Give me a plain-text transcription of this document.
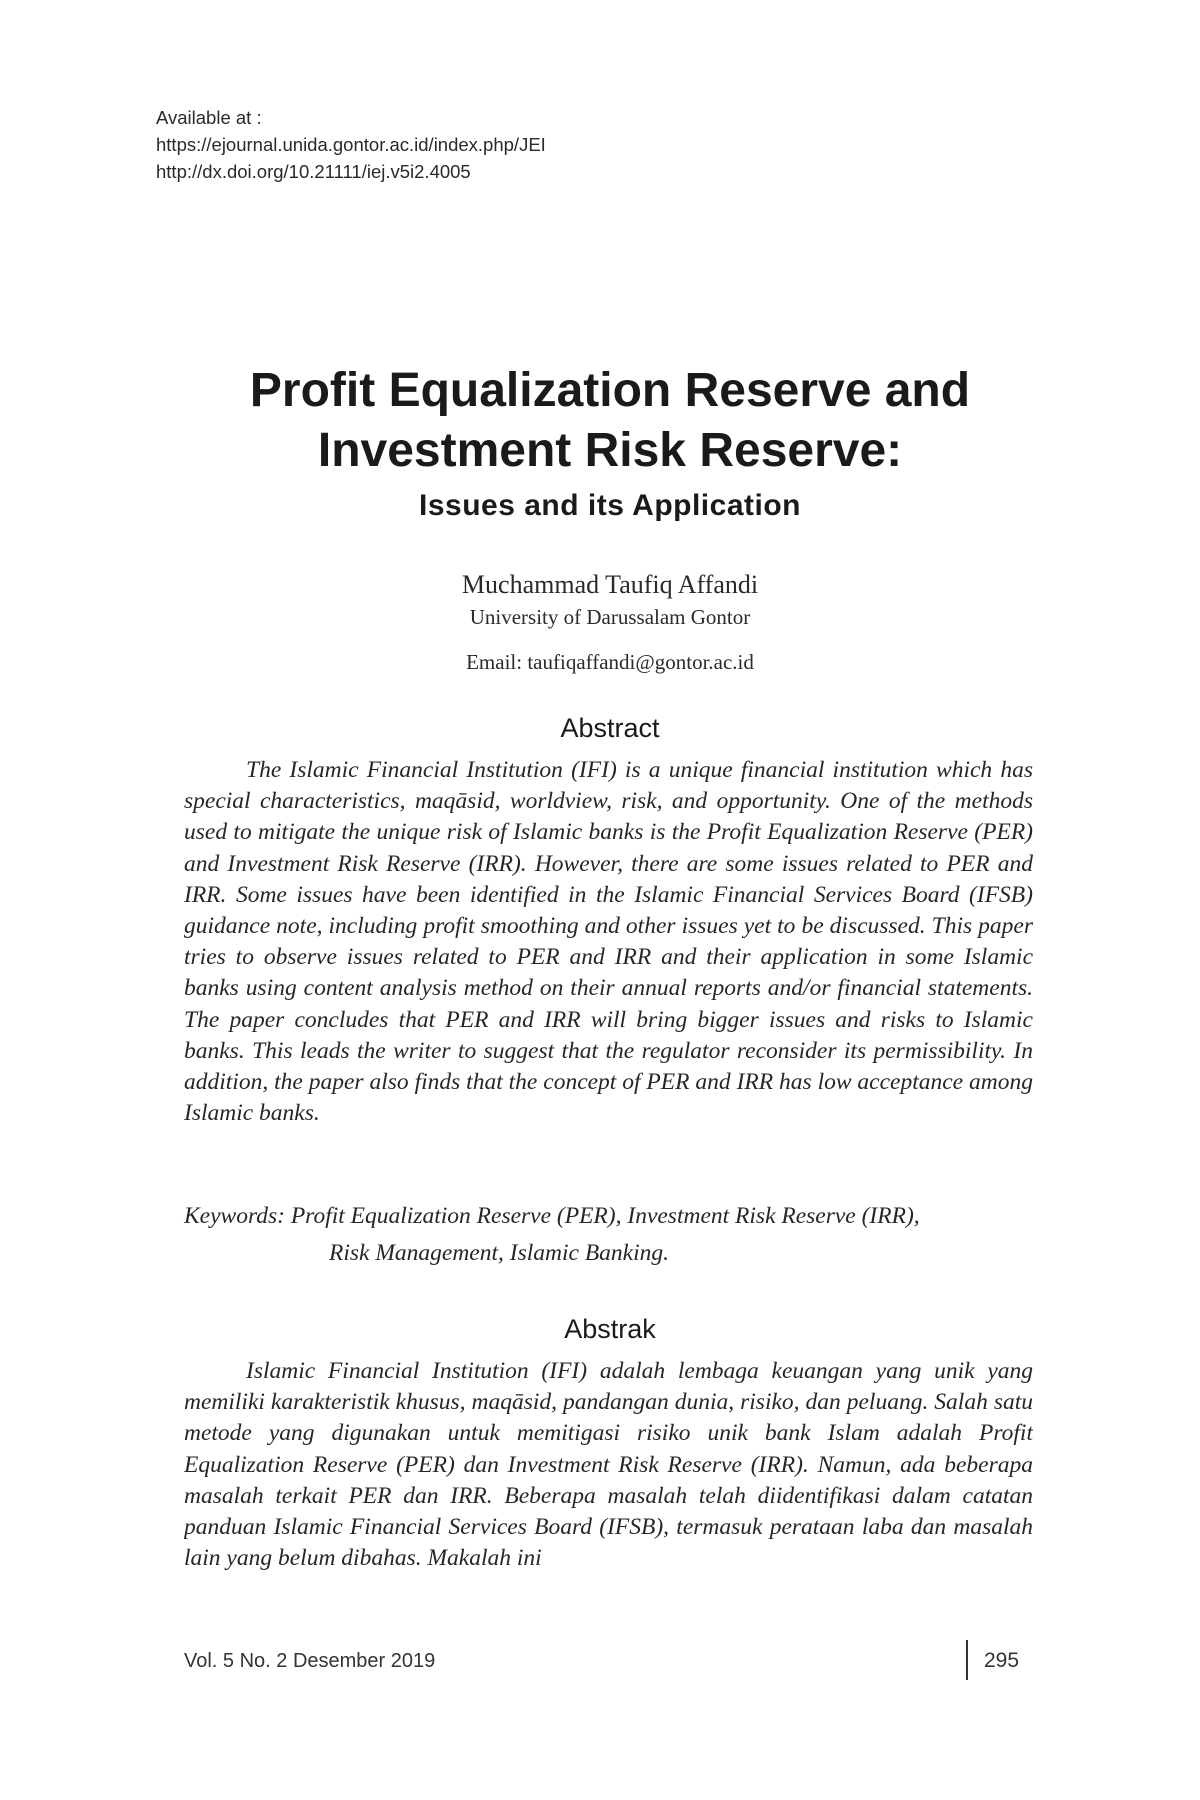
Available at :
https://ejournal.unida.gontor.ac.id/index.php/JEI
http://dx.doi.org/10.21111/iej.v5i2.4005
Profit Equalization Reserve and
Investment Risk Reserve:
Issues and its Application
Muchammad Taufiq Affandi
University of Darussalam Gontor
Email: taufiqaffandi@gontor.ac.id
Abstract

The Islamic Financial Institution (IFI) is a unique financial institution which has special characteristics, maqāsid, worldview, risk, and opportunity. One of the methods used to mitigate the unique risk of Islamic banks is the Profit Equalization Reserve (PER) and Investment Risk Reserve (IRR). However, there are some issues related to PER and IRR. Some issues have been identified in the Islamic Financial Services Board (IFSB) guidance note, including profit smoothing and other issues yet to be discussed. This paper tries to observe issues related to PER and IRR and their application in some Islamic banks using content analysis method on their annual reports and/or financial statements. The paper concludes that PER and IRR will bring bigger issues and risks to Islamic banks. This leads the writer to suggest that the regulator reconsider its permissibility. In addition, the paper also finds that the concept of PER and IRR has low acceptance among Islamic banks.

Keywords: Profit Equalization Reserve (PER), Investment Risk Reserve (IRR),
Risk Management, Islamic Banking.
Abstrak

Islamic Financial Institution (IFI) adalah lembaga keuangan yang unik yang memiliki karakteristik khusus, maqāsid, pandangan dunia, risiko, dan peluang. Salah satu metode yang digunakan untuk memitigasi risiko unik bank Islam adalah Profit Equalization Reserve (PER) dan Investment Risk Reserve (IRR). Namun, ada beberapa masalah terkait PER dan IRR. Beberapa masalah telah diidentifikasi dalam catatan panduan Islamic Financial Services Board (IFSB), termasuk perataan laba dan masalah lain yang belum dibahas. Makalah ini

Vol. 5 No. 2 Desember 2019	295
